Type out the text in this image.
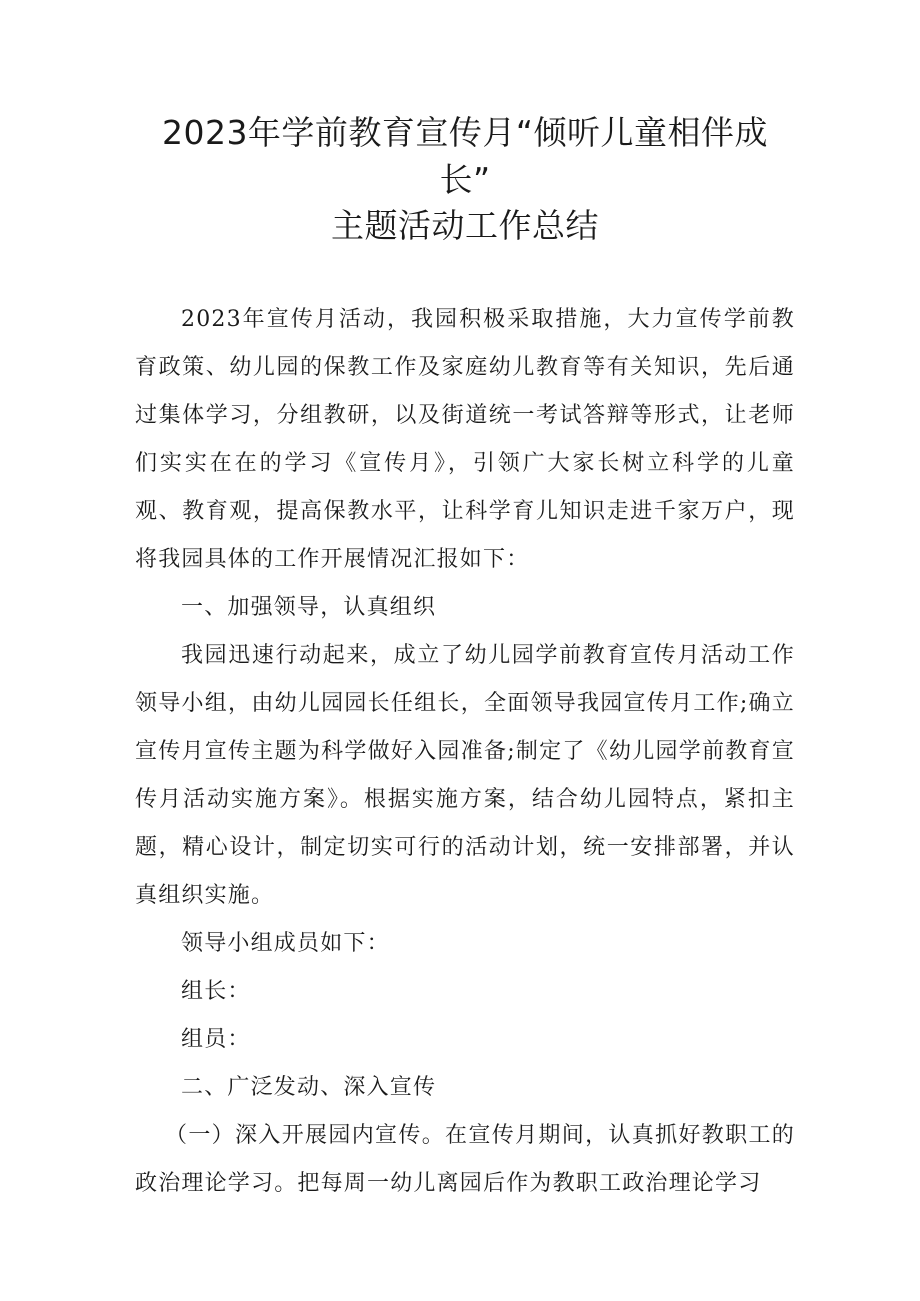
2023年学前教育宣传月“倾听儿童相伴成
长”
主题活动工作总结

2023年宣传月活动，我园积极采取措施，大力宣传学前教育政策、幼儿园的保教工作及家庭幼儿教育等有关知识，先后通过集体学习，分组教研，以及街道统一考试答辩等形式，让老师们实实在在的学习《宣传月》，引领广大家长树立科学的儿童观、教育观，提高保教水平，让科学育儿知识走进千家万户，现将我园具体的工作开展情况汇报如下：

一、加强领导，认真组织

我园迅速行动起来，成立了幼儿园学前教育宣传月活动工作领导小组，由幼儿园园长任组长，全面领导我园宣传月工作;确立宣传月宣传主题为科学做好入园准备;制定了《幼儿园学前教育宣传月活动实施方案》。根据实施方案，结合幼儿园特点，紧扣主题，精心设计，制定切实可行的活动计划，统一安排部署，并认真组织实施。

领导小组成员如下：

组长：

组员：

二、广泛发动、深入宣传

（一）深入开展园内宣传。在宣传月期间，认真抓好教职工的政治理论学习。把每周一幼儿离园后作为教职工政治理论学习
